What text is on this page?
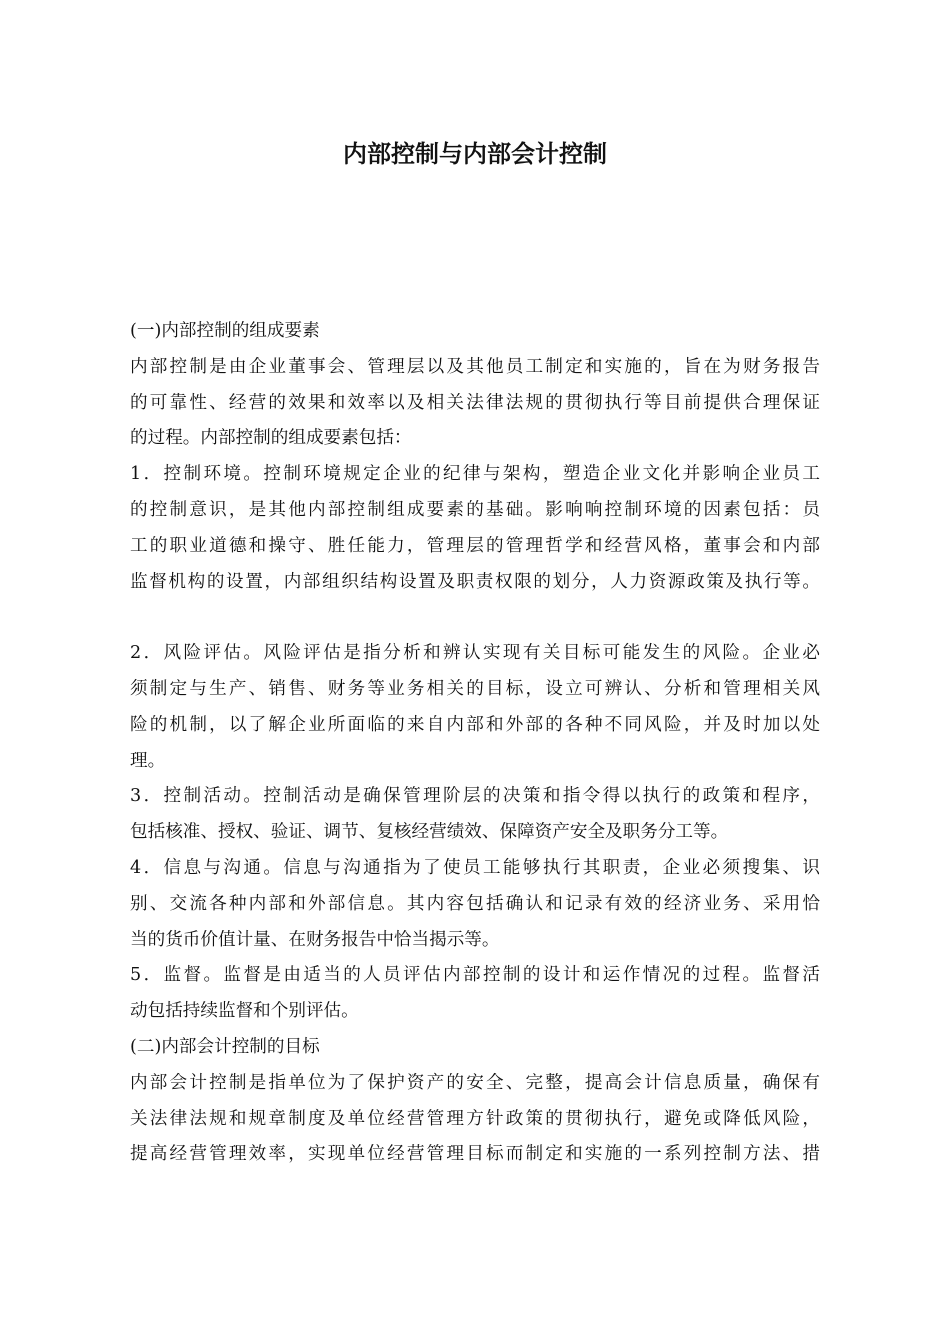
内部控制与内部会计控制
(一)内部控制的组成要素
内部控制是由企业董事会、管理层以及其他员工制定和实施的，旨在为财务报告
的可靠性、经营的效果和效率以及相关法律法规的贯彻执行等目前提供合理保证
的过程。内部控制的组成要素包括：
1．控制环境。控制环境规定企业的纪律与架构，塑造企业文化并影响企业员工
的控制意识，是其他内部控制组成要素的基础。影响响控制环境的因素包括：员
工的职业道德和操守、胜任能力，管理层的管理哲学和经营风格，董事会和内部
监督机构的设置，内部组织结构设置及职责权限的划分，人力资源政策及执行等。
2．风险评估。风险评估是指分析和辨认实现有关目标可能发生的风险。企业必
须制定与生产、销售、财务等业务相关的目标，设立可辨认、分析和管理相关风
险的机制，以了解企业所面临的来自内部和外部的各种不同风险，并及时加以处
理。
3．控制活动。控制活动是确保管理阶层的决策和指令得以执行的政策和程序，
包括核准、授权、验证、调节、复核经营绩效、保障资产安全及职务分工等。
4．信息与沟通。信息与沟通指为了使员工能够执行其职责，企业必须搜集、识
别、交流各种内部和外部信息。其内容包括确认和记录有效的经济业务、采用恰
当的货币价值计量、在财务报告中恰当揭示等。
5．监督。监督是由适当的人员评估内部控制的设计和运作情况的过程。监督活
动包括持续监督和个别评估。
(二)内部会计控制的目标
内部会计控制是指单位为了保护资产的安全、完整，提高会计信息质量，确保有
关法律法规和规章制度及单位经营管理方针政策的贯彻执行，避免或降低风险，
提高经营管理效率，实现单位经营管理目标而制定和实施的一系列控制方法、措
